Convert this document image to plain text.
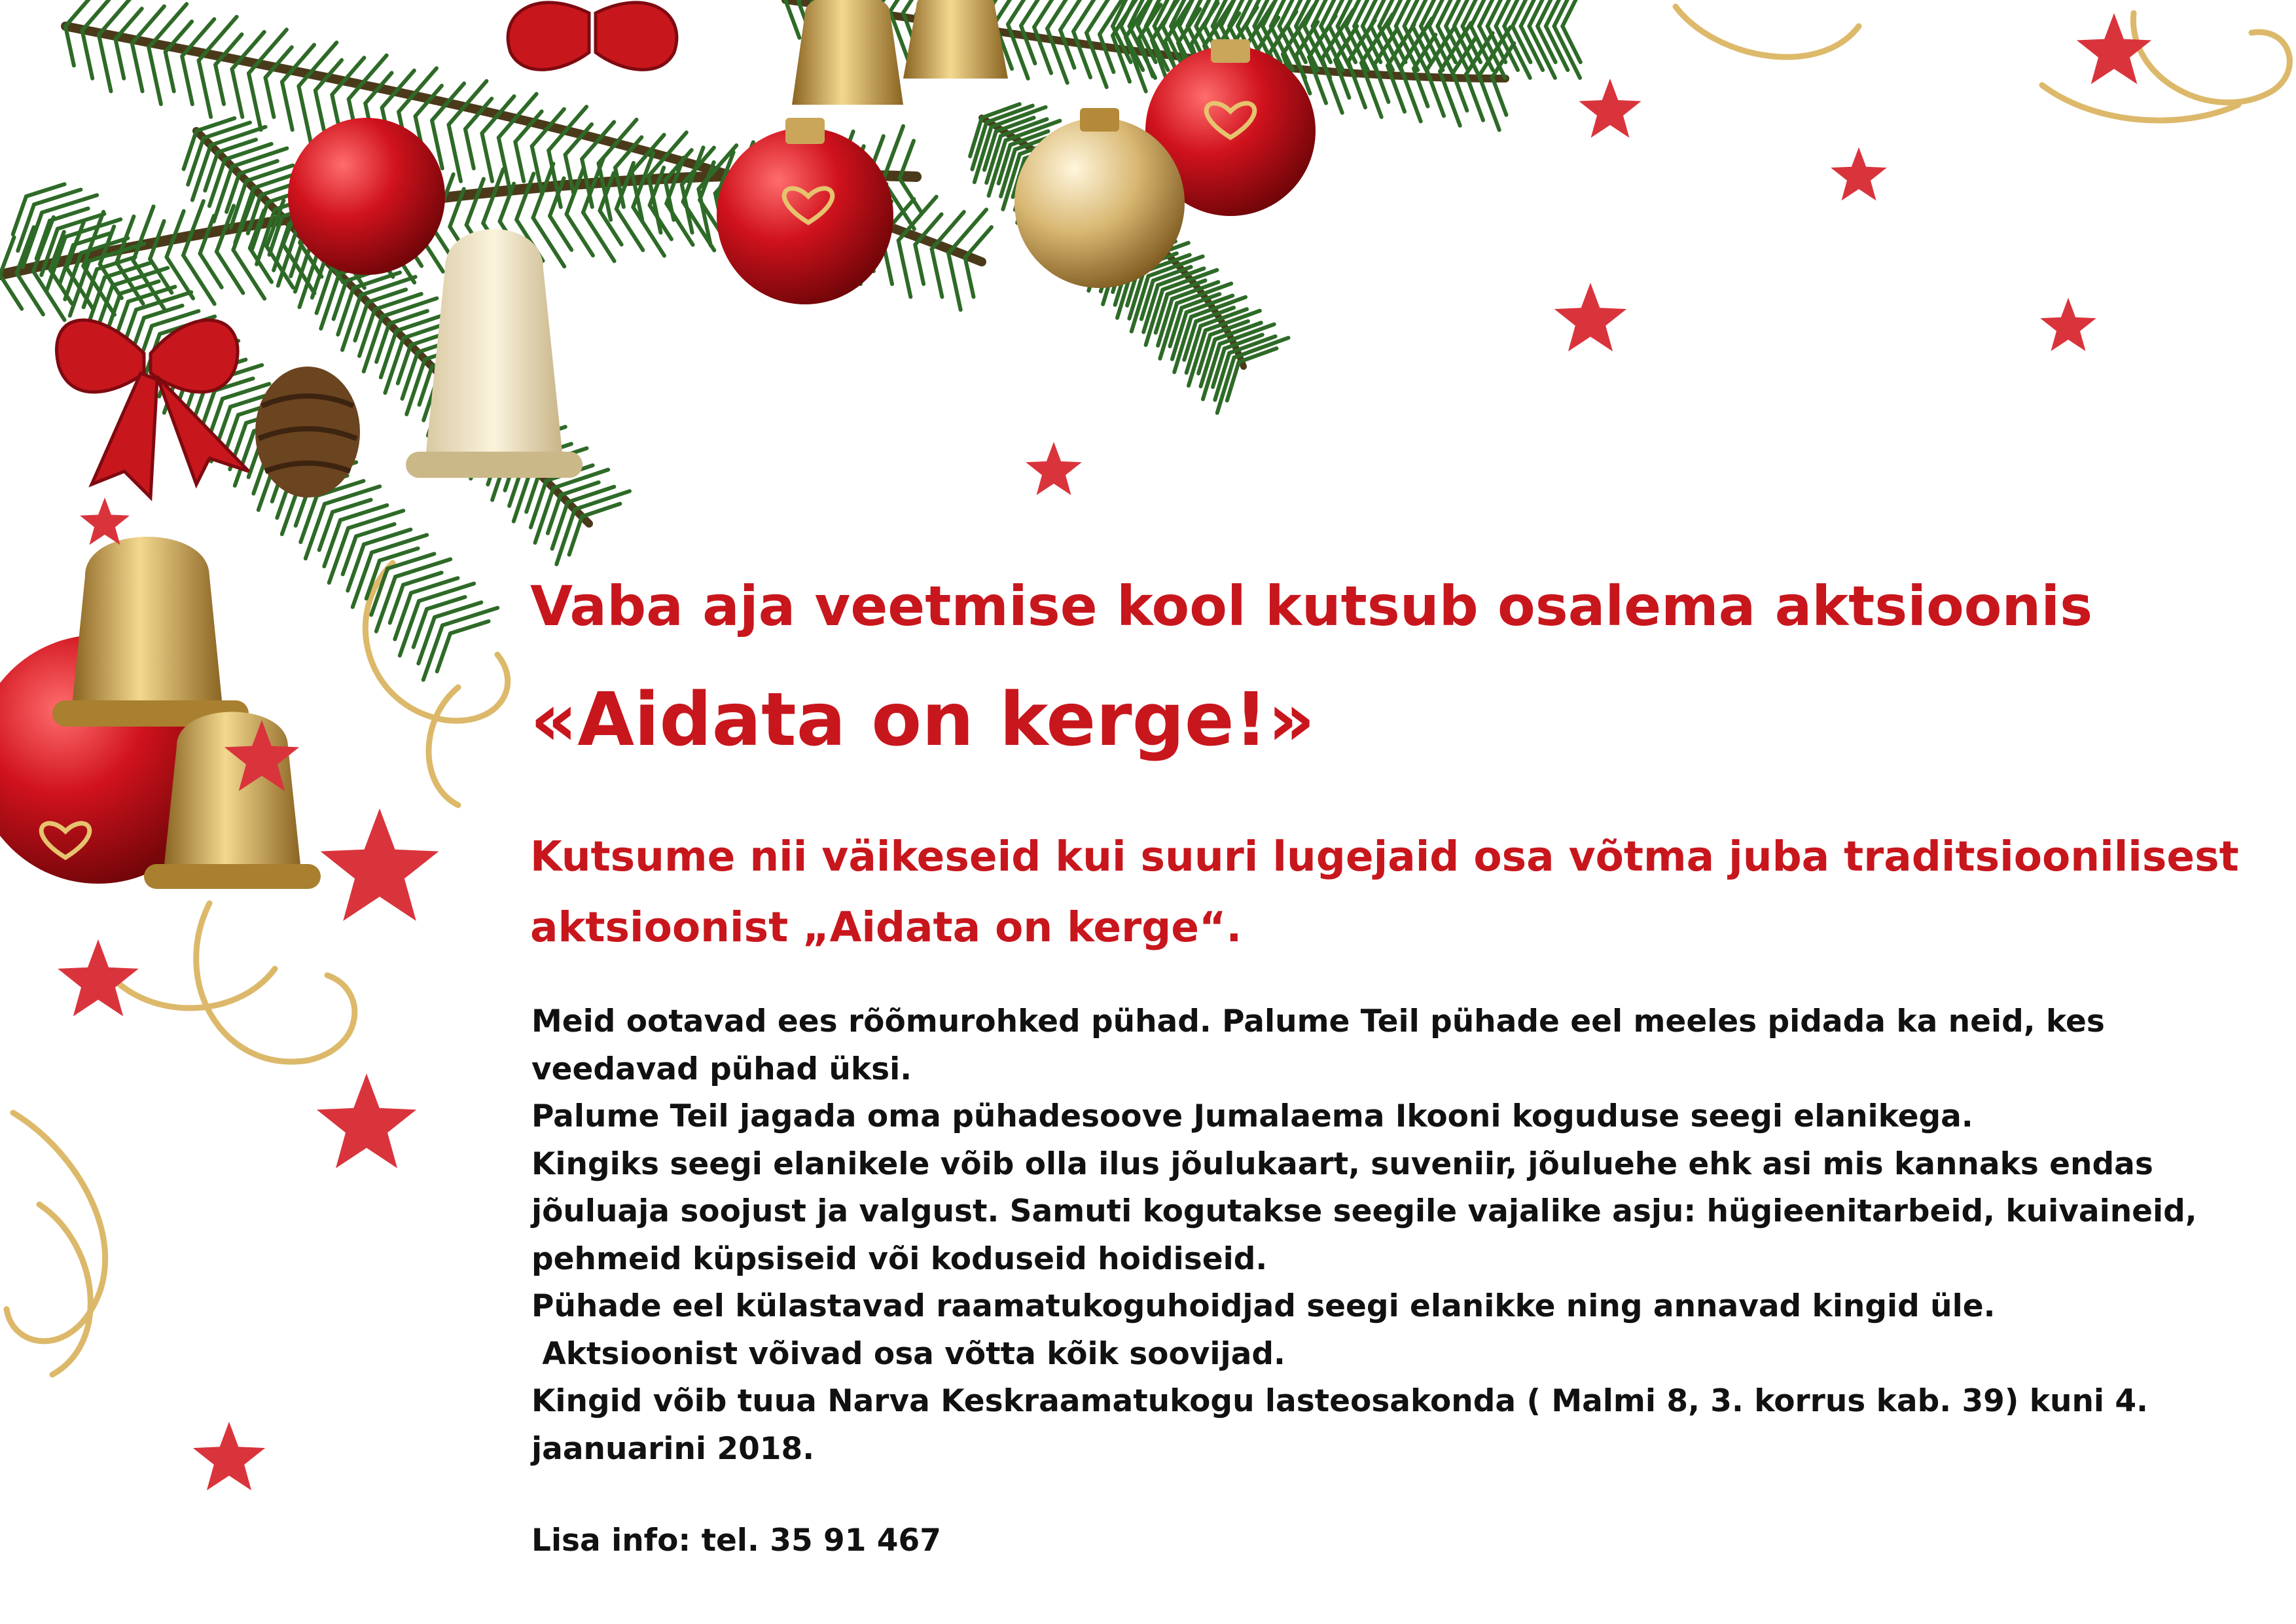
Vaba aja veetmise kool kutsub osalema aktsioonis
«Aidata on kerge!»

Kutsume nii väikeseid kui suuri lugejaid osa võtma juba traditsioonilisest aktsioonist „Aidata on kerge“.

Meid ootavad ees rõõmurohked pühad. Palume Teil pühade eel meeles pidada ka neid, kes veedavad pühad üksi.

Palume Teil jagada oma pühadesoove Jumalaema Ikooni koguduse seegi elanikega.

Kingiks seegi elanikele võib olla ilus jõulukaart, suveniir, jõuluehe ehk asi mis kannaks endas jõuluaja soojust ja valgust. Samuti kogutakse seegile vajalike asju: hügieenitarbeid, kuivaineid, pehmeid küpsiseid või koduseid hoidiseid.

Pühade eel külastavad raamatukoguhoidjad seegi elanikke ning annavad kingid üle.

Aktsioonist võivad osa võtta kõik soovijad.

Kingid võib tuua Narva Keskraamatukogu lasteosakonda ( Malmi 8, 3. korrus kab. 39) kuni 4. jaanuarini 2018.

Lisa info: tel. 35 91 467
